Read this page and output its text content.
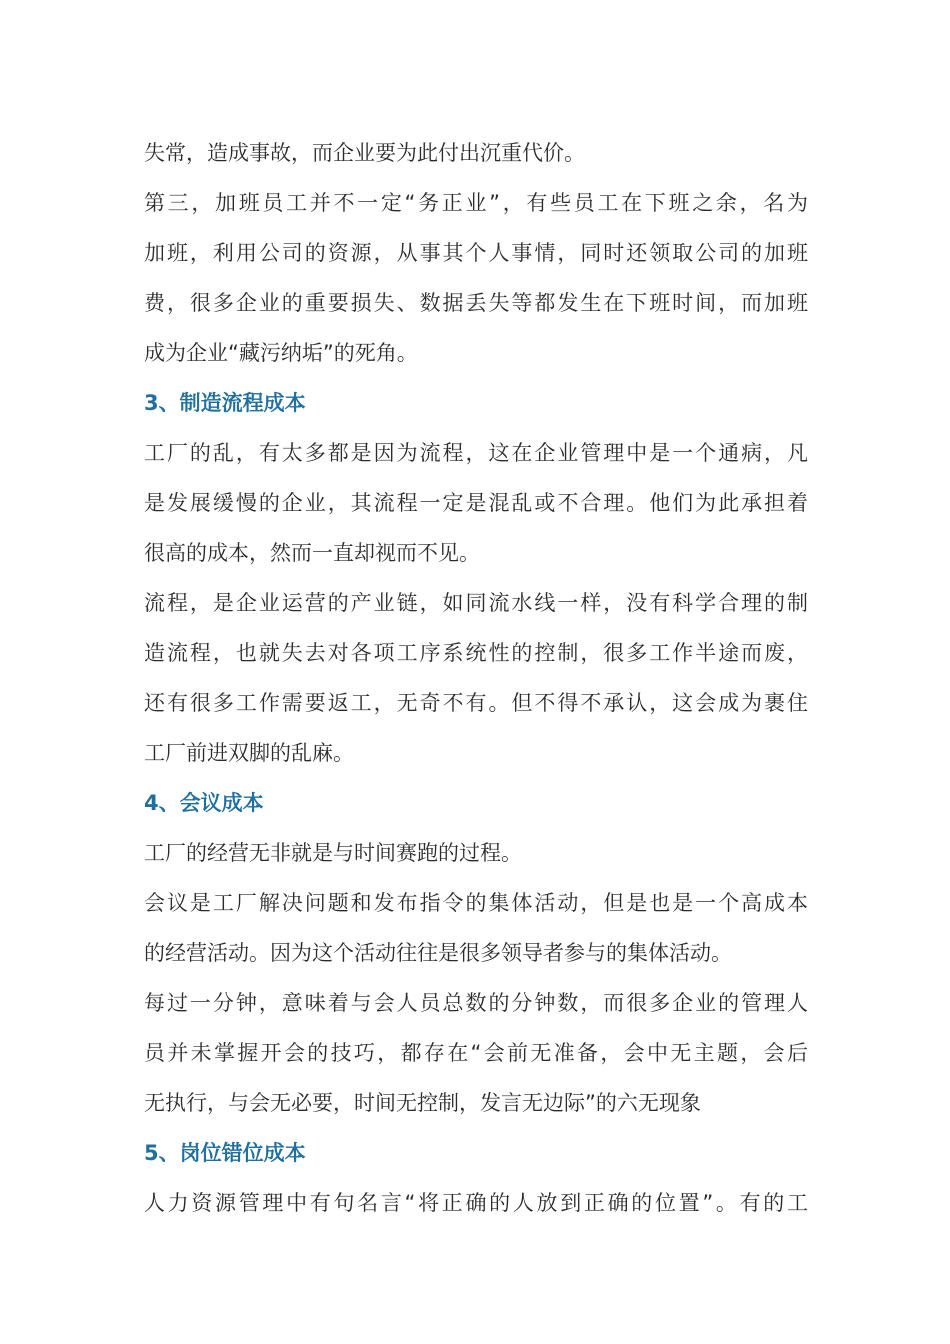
失常，造成事故，而企业要为此付出沉重代价。
第三，加班员工并不一定“务正业”，有些员工在下班之余，名为
加班，利用公司的资源，从事其个人事情，同时还领取公司的加班
费，很多企业的重要损失、数据丢失等都发生在下班时间，而加班
成为企业“藏污纳垢”的死角。
3、制造流程成本
工厂的乱，有太多都是因为流程，这在企业管理中是一个通病，凡
是发展缓慢的企业，其流程一定是混乱或不合理。他们为此承担着
很高的成本，然而一直却视而不见。
流程，是企业运营的产业链，如同流水线一样，没有科学合理的制
造流程，也就失去对各项工序系统性的控制，很多工作半途而废，
还有很多工作需要返工，无奇不有。但不得不承认，这会成为裹住
工厂前进双脚的乱麻。
4、会议成本
工厂的经营无非就是与时间赛跑的过程。
会议是工厂解决问题和发布指令的集体活动，但是也是一个高成本
的经营活动。因为这个活动往往是很多领导者参与的集体活动。
每过一分钟，意味着与会人员总数的分钟数，而很多企业的管理人
员并未掌握开会的技巧，都存在“会前无准备，会中无主题，会后
无执行，与会无必要，时间无控制，发言无边际”的六无现象
5、岗位错位成本
人力资源管理中有句名言“将正确的人放到正确的位置”。有的工
